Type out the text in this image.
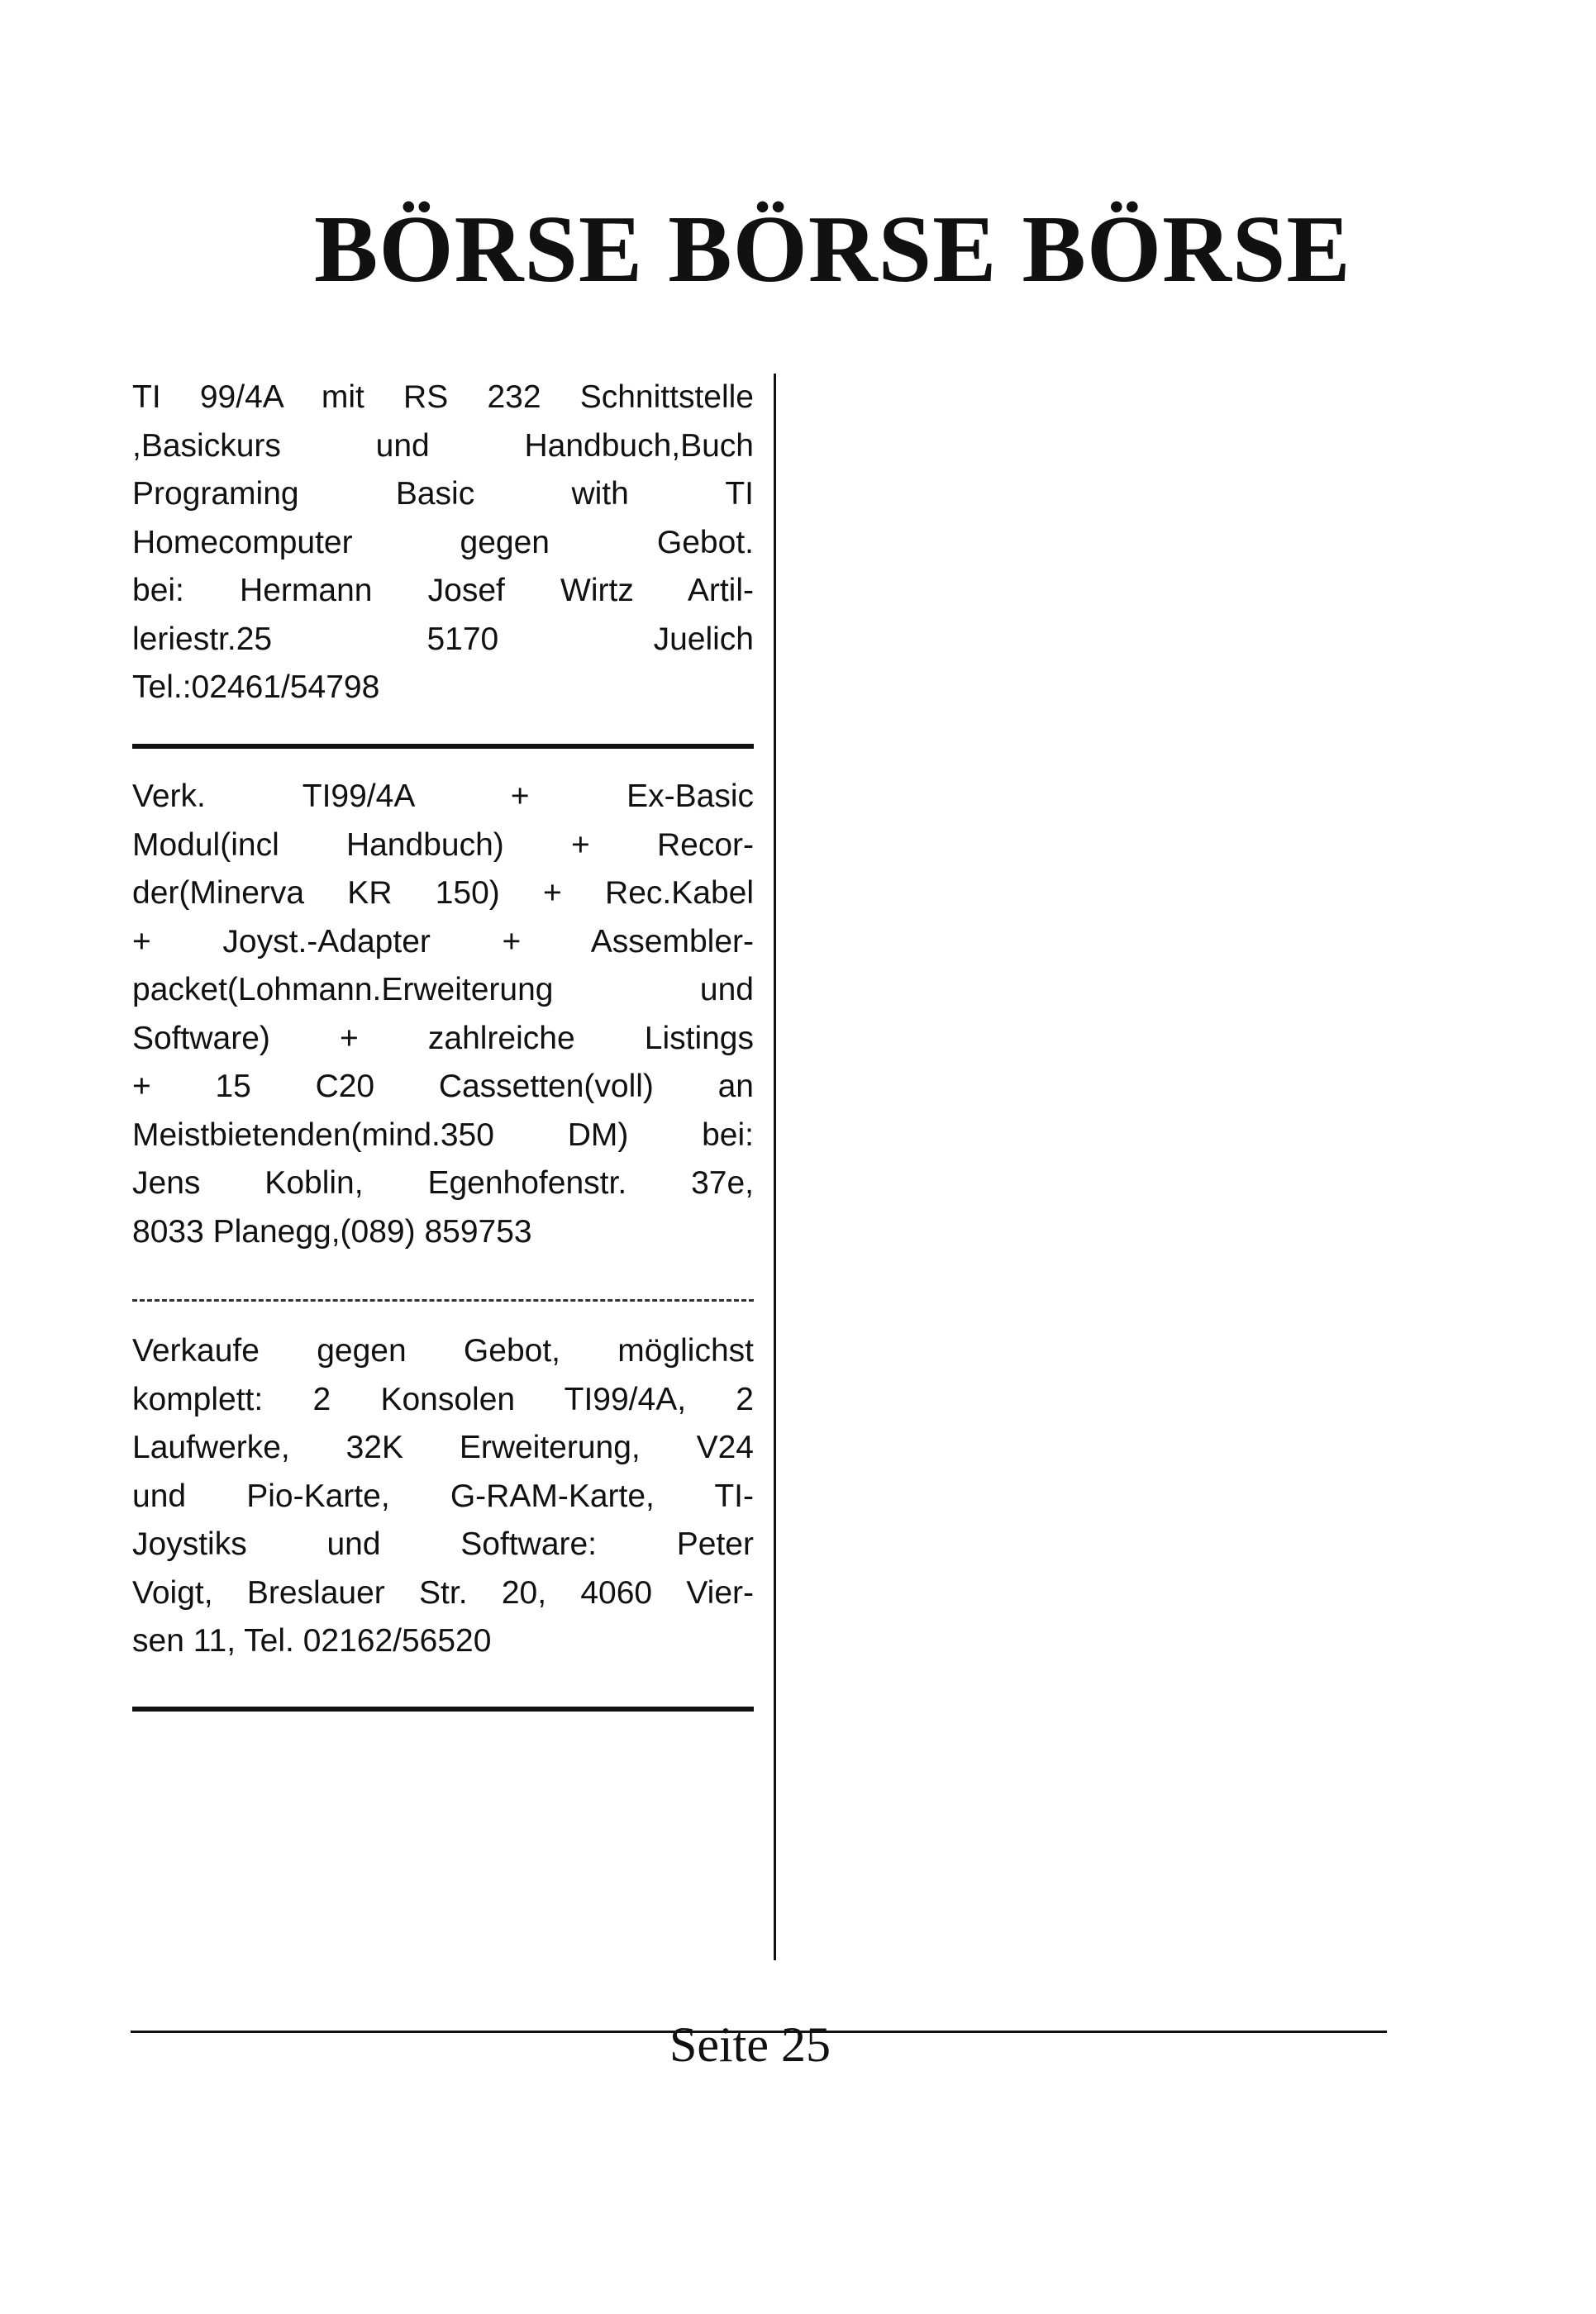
BÖRSE BÖRSE BÖRSE

TI 99/4A mit RS 232 Schnittstelle
,Basickurs und Handbuch,Buch
Programing Basic with TI
Homecomputer gegen Gebot.
bei: Hermann Josef Wirtz Artil-
leriestr.25 5170 Juelich
Tel.:02461/54798

Verk. TI99/4A + Ex-Basic
Modul(incl Handbuch) + Recor-
der(Minerva KR 150) + Rec.Kabel
+ Joyst.-Adapter + Assembler-
packet(Lohmann.Erweiterung und
Software) + zahlreiche Listings
+ 15 C20 Cassetten(voll) an
Meistbietenden(mind.350 DM) bei:
Jens Koblin, Egenhofenstr. 37e,
8033 Planegg,(089) 859753

Verkaufe gegen Gebot, möglichst
komplett: 2 Konsolen TI99/4A, 2
Laufwerke, 32K Erweiterung, V24
und Pio-Karte, G-RAM-Karte, TI-
Joystiks und Software: Peter
Voigt, Breslauer Str. 20, 4060 Vier-
sen 11, Tel. 02162/56520

Seite 25
